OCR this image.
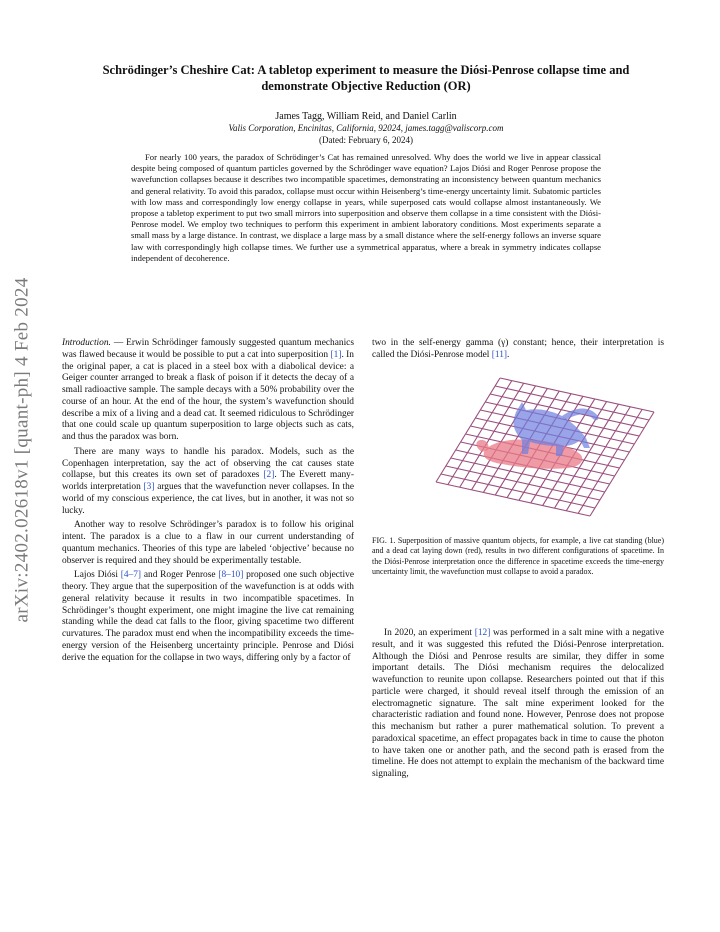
arXiv:2402.02618v1 [quant-ph] 4 Feb 2024
Schrödinger’s Cheshire Cat: A tabletop experiment to measure the Diósi-Penrose collapse time and demonstrate Objective Reduction (OR)
James Tagg, William Reid, and Daniel Carlin
Valis Corporation, Encinitas, California, 92024, james.tagg@valiscorp.com
(Dated: February 6, 2024)
For nearly 100 years, the paradox of Schrödinger’s Cat has remained unresolved. Why does the world we live in appear classical despite being composed of quantum particles governed by the Schrödinger wave equation? Lajos Diósi and Roger Penrose propose the wavefunction collapses because it describes two incompatible spacetimes, demonstrating an inconsistency between quantum mechanics and general relativity. To avoid this paradox, collapse must occur within Heisenberg’s time-energy uncertainty limit. Subatomic particles with low mass and correspondingly low energy collapse in years, while superposed cats would collapse almost instantaneously. We propose a tabletop experiment to put two small mirrors into superposition and observe them collapse in a time consistent with the Diósi-Penrose model. We employ two techniques to perform this experiment in ambient laboratory conditions. Most experiments separate a small mass by a large distance. In contrast, we displace a large mass by a small distance where the self-energy follows an inverse square law with correspondingly high collapse times. We further use a symmetrical apparatus, where a break in symmetry indicates collapse independent of decoherence.

Introduction. — Erwin Schrödinger famously suggested quantum mechanics was flawed because it would be possible to put a cat into superposition [1]. In the original paper, a cat is placed in a steel box with a diabolical device: a Geiger counter arranged to break a flask of poison if it detects the decay of a small radioactive sample. The sample decays with a 50% probability over the course of an hour. At the end of the hour, the system’s wavefunction should describe a mix of a living and a dead cat. It seemed ridiculous to Schrödinger that one could scale up quantum superposition to large objects such as cats, and thus the paradox was born.

There are many ways to handle his paradox. Models, such as the Copenhagen interpretation, say the act of observing the cat causes state collapse, but this creates its own set of paradoxes [2]. The Everett many-worlds interpretation [3] argues that the wavefunction never collapses. In the world of my conscious experience, the cat lives, but in another, it was not so lucky.

Another way to resolve Schrödinger’s paradox is to follow his original intent. The paradox is a clue to a flaw in our current understanding of quantum mechanics. Theories of this type are labeled ‘objective’ because no observer is required and they should be experimentally testable.

Lajos Diósi [4–7] and Roger Penrose [8–10] proposed one such objective theory. They argue that the superposition of the wavefunction is at odds with general relativity because it results in two incompatible spacetimes. In Schrödinger’s thought experiment, one might imagine the live cat remaining standing while the dead cat falls to the floor, giving spacetime two different curvatures. The paradox must end when the incompatibility exceeds the time-energy version of the Heisenberg uncertainty principle. Penrose and Diósi derive the equation for the collapse in two ways, differing only by a factor of

two in the self-energy gamma (γ) constant; hence, their interpretation is called the Diósi-Penrose model [11].

FIG. 1. Superposition of massive quantum objects, for example, a live cat standing (blue) and a dead cat laying down (red), results in two different configurations of spacetime. In the Diósi-Penrose interpretation once the difference in spacetime exceeds the time-energy uncertainty limit, the wavefunction must collapse to avoid a paradox.

In 2020, an experiment [12] was performed in a salt mine with a negative result, and it was suggested this refuted the Diósi-Penrose interpretation. Although the Diósi and Penrose results are similar, they differ in some important details. The Diósi mechanism requires the delocalized wavefunction to reunite upon collapse. Researchers pointed out that if this particle were charged, it should reveal itself through the emission of an electromagnetic signature. The salt mine experiment looked for the characteristic radiation and found none. However, Penrose does not propose this mechanism but rather a purer mathematical solution. To prevent a paradoxical spacetime, an effect propagates back in time to cause the photon to have taken one or another path, and the second path is erased from the timeline. He does not attempt to explain the mechanism of the backward time signaling,
